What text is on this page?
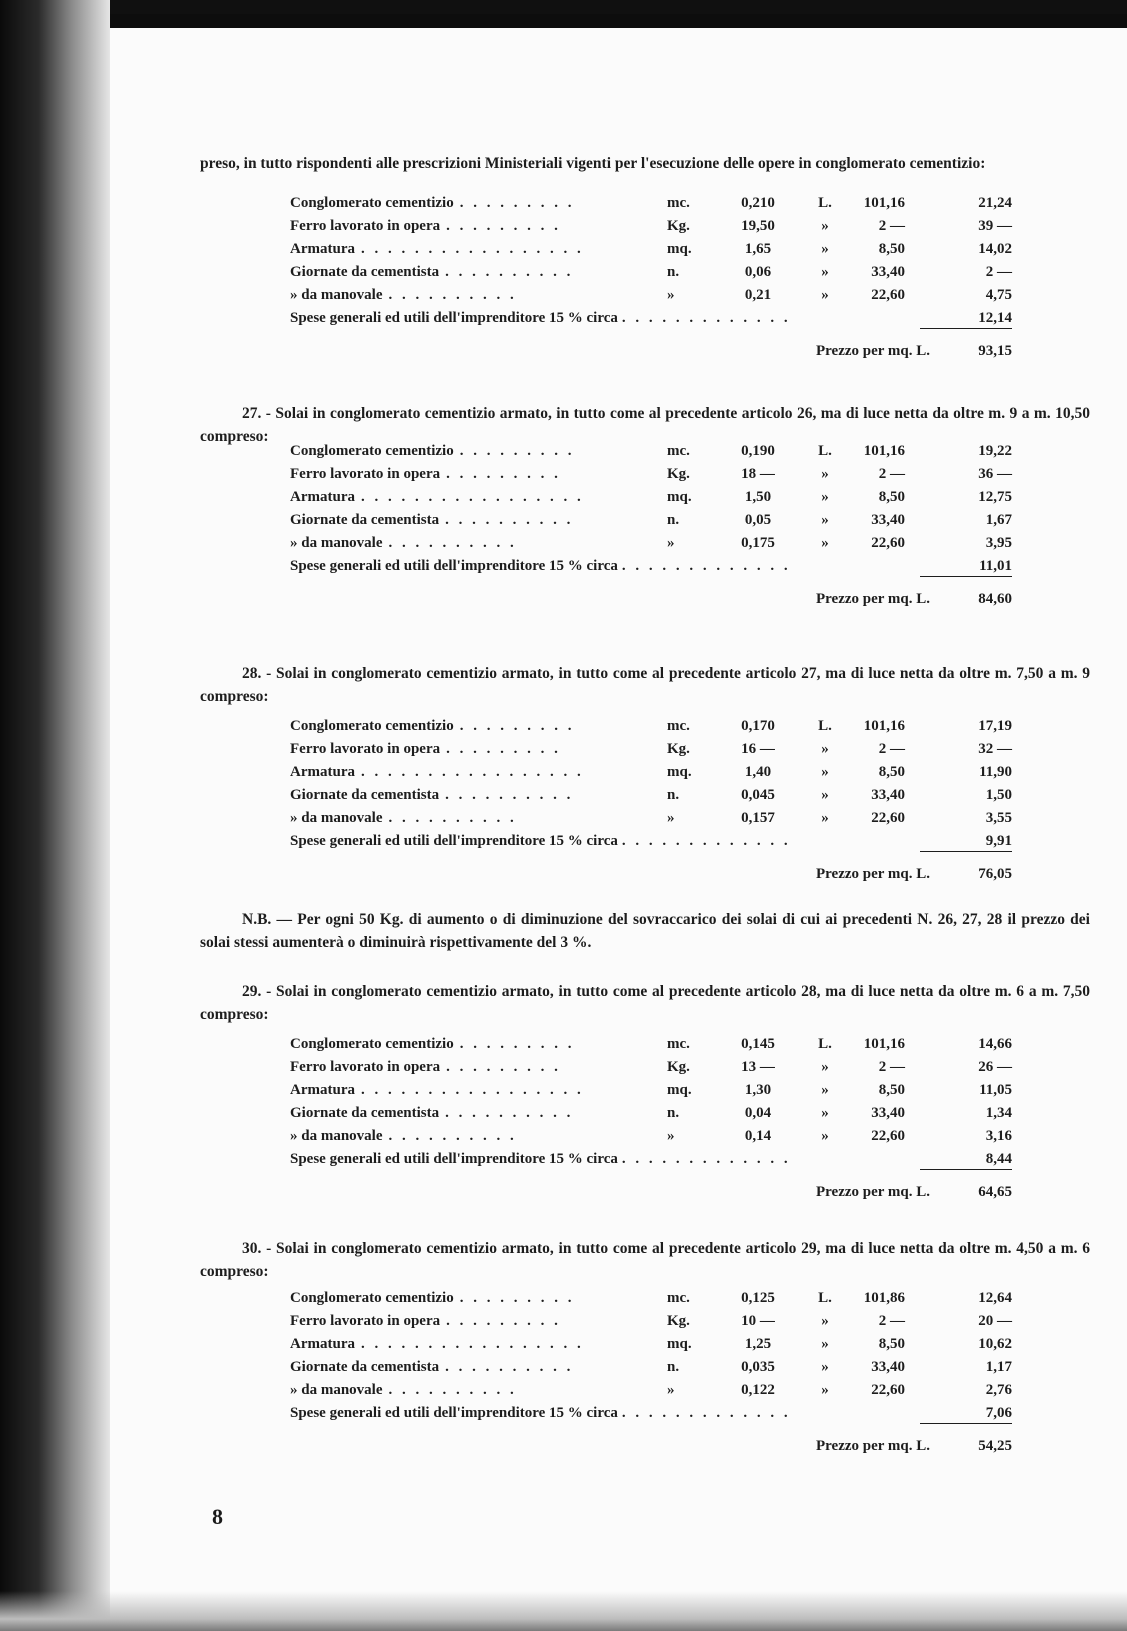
preso, in tutto rispondenti alle prescrizioni Ministeriali vigenti per l'esecuzione delle opere in conglomerato cementizio:
8
Conglomerato cementizio . . . . . . . . .	mc.	0,210	L.	101,16	21,24
Ferro lavorato in opera . . . . . . . . .	Kg.	19,50	»	2 —	39 —
Armatura . . . . . . . . . . . . . . . . .	mq.	1,65	»	8,50	14,02
Giornate da cementista . . . . . . . . . .	n.	0,06	»	33,40	2 —
» da manovale . . . . . . . . . .	»	0,21	»	22,60	4,75
Spese generali ed utili dell'imprenditore 15 % circa . . . . . . . . . . . . .	12,14
Prezzo per mq. L.	93,15
27. - Solai in conglomerato cementizio armato, in tutto come al precedente articolo 26, ma di luce netta da oltre m. 9 a m. 10,50 compreso:
Conglomerato cementizio . . . . . . . . .	mc.	0,190	L.	101,16	19,22
Ferro lavorato in opera . . . . . . . . .	Kg.	18 —	»	2 —	36 —
Armatura . . . . . . . . . . . . . . . . .	mq.	1,50	»	8,50	12,75
Giornate da cementista . . . . . . . . . .	n.	0,05	»	33,40	1,67
» da manovale . . . . . . . . . .	»	0,175	»	22,60	3,95
Spese generali ed utili dell'imprenditore 15 % circa . . . . . . . . . . . . .	11,01
Prezzo per mq. L.	84,60
28. - Solai in conglomerato cementizio armato, in tutto come al precedente articolo 27, ma di luce netta da oltre m. 7,50 a m. 9 compreso:
Conglomerato cementizio . . . . . . . . .	mc.	0,170	L.	101,16	17,19
Ferro lavorato in opera . . . . . . . . .	Kg.	16 —	»	2 —	32 —
Armatura . . . . . . . . . . . . . . . . .	mq.	1,40	»	8,50	11,90
Giornate da cementista . . . . . . . . . .	n.	0,045	»	33,40	1,50
» da manovale . . . . . . . . . .	»	0,157	»	22,60	3,55
Spese generali ed utili dell'imprenditore 15 % circa . . . . . . . . . . . . .	9,91
Prezzo per mq. L.	76,05
29. - Solai in conglomerato cementizio armato, in tutto come al precedente articolo 28, ma di luce netta da oltre m. 6 a m. 7,50 compreso:
Conglomerato cementizio . . . . . . . . .	mc.	0,145	L.	101,16	14,66
Ferro lavorato in opera . . . . . . . . .	Kg.	13 —	»	2 —	26 —
Armatura . . . . . . . . . . . . . . . . .	mq.	1,30	»	8,50	11,05
Giornate da cementista . . . . . . . . . .	n.	0,04	»	33,40	1,34
» da manovale . . . . . . . . . .	»	0,14	»	22,60	3,16
Spese generali ed utili dell'imprenditore 15 % circa . . . . . . . . . . . . .	8,44
Prezzo per mq. L.	64,65
30. - Solai in conglomerato cementizio armato, in tutto come al precedente articolo 29, ma di luce netta da oltre m. 4,50 a m. 6 compreso:
Conglomerato cementizio . . . . . . . . .	mc.	0,125	L.	101,86	12,64
Ferro lavorato in opera . . . . . . . . .	Kg.	10 —	»	2 —	20 —
Armatura . . . . . . . . . . . . . . . . .	mq.	1,25	»	8,50	10,62
Giornate da cementista . . . . . . . . . .	n.	0,035	»	33,40	1,17
» da manovale . . . . . . . . . .	»	0,122	»	22,60	2,76
Spese generali ed utili dell'imprenditore 15 % circa . . . . . . . . . . . . .	7,06
Prezzo per mq. L.	54,25
N.B. — Per ogni 50 Kg. di aumento o di diminuzione del sovraccarico dei solai di cui ai precedenti N. 26, 27, 28 il prezzo dei solai stessi aumenterà o diminuirà rispettivamente del 3 %.
